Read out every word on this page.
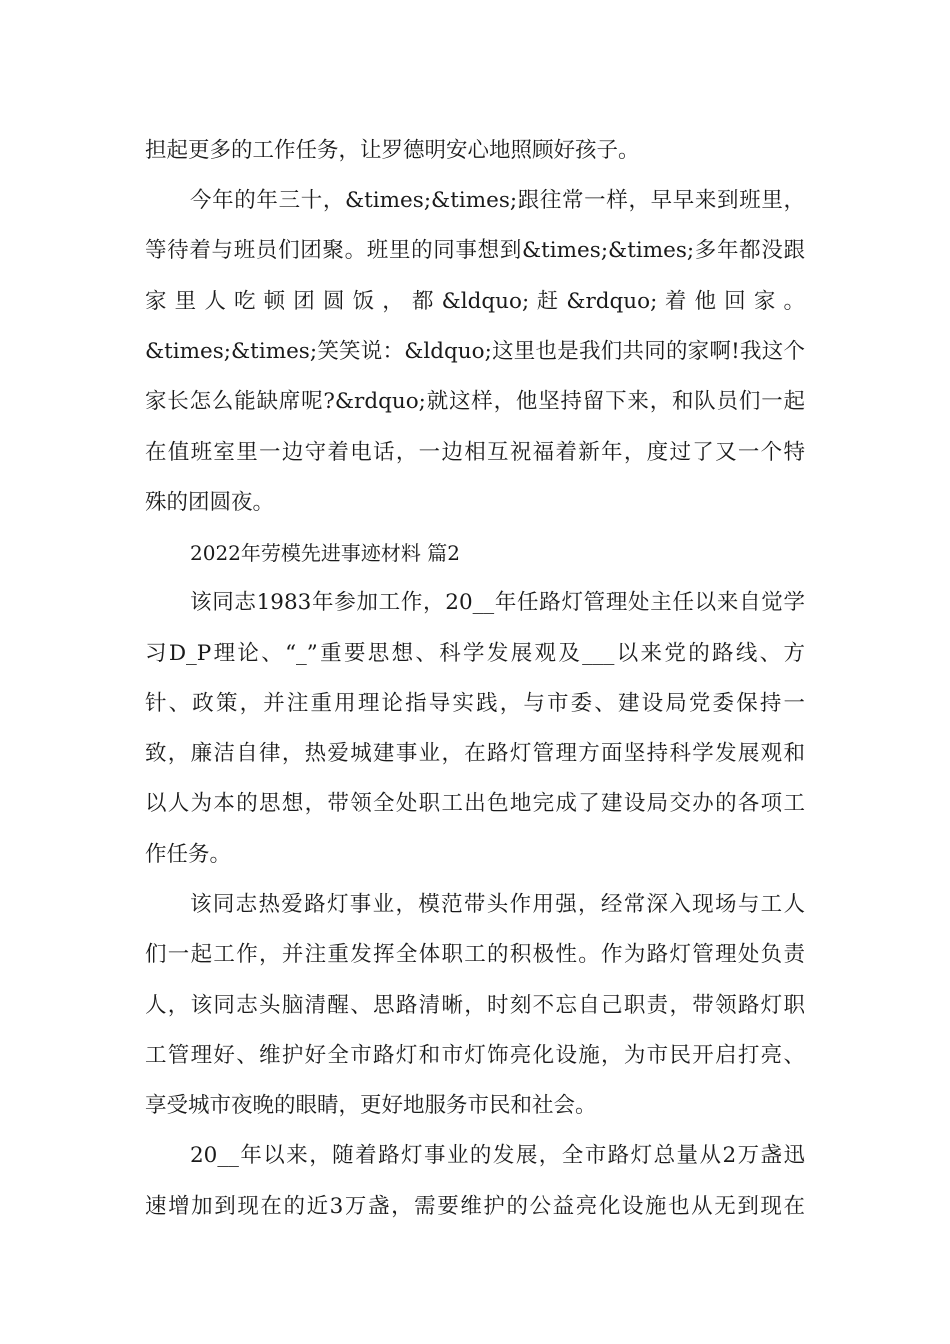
担起更多的工作任务，让罗德明安心地照顾好孩子。
今年的年三十，&times;&times;跟往常一样，早早来到班里，
等待着与班员们团聚。班里的同事想到&times;&times;多年都没跟
家 里 人 吃 顿 团 圆 饭 ， 都 &ldquo; 赶 &rdquo; 着 他 回 家 。
&times;&times;笑笑说：&ldquo;这里也是我们共同的家啊!我这个
家长怎么能缺席呢?&rdquo;就这样，他坚持留下来，和队员们一起
在值班室里一边守着电话，一边相互祝福着新年，度过了又一个特
殊的团圆夜。
2022年劳模先进事迹材料 篇2
该同志1983年参加工作，20__年任路灯管理处主任以来自觉学
习D_P理论、“_”重要思想、科学发展观及___以来党的路线、方
针、政策，并注重用理论指导实践，与市委、建设局党委保持一
致，廉洁自律，热爱城建事业，在路灯管理方面坚持科学发展观和
以人为本的思想，带领全处职工出色地完成了建设局交办的各项工
作任务。
该同志热爱路灯事业，模范带头作用强，经常深入现场与工人
们一起工作，并注重发挥全体职工的积极性。作为路灯管理处负责
人，该同志头脑清醒、思路清晰，时刻不忘自己职责，带领路灯职
工管理好、维护好全市路灯和市灯饰亮化设施，为市民开启打亮、
享受城市夜晚的眼睛，更好地服务市民和社会。
20__年以来，随着路灯事业的发展，全市路灯总量从2万盏迅
速增加到现在的近3万盏，需要维护的公益亮化设施也从无到现在
